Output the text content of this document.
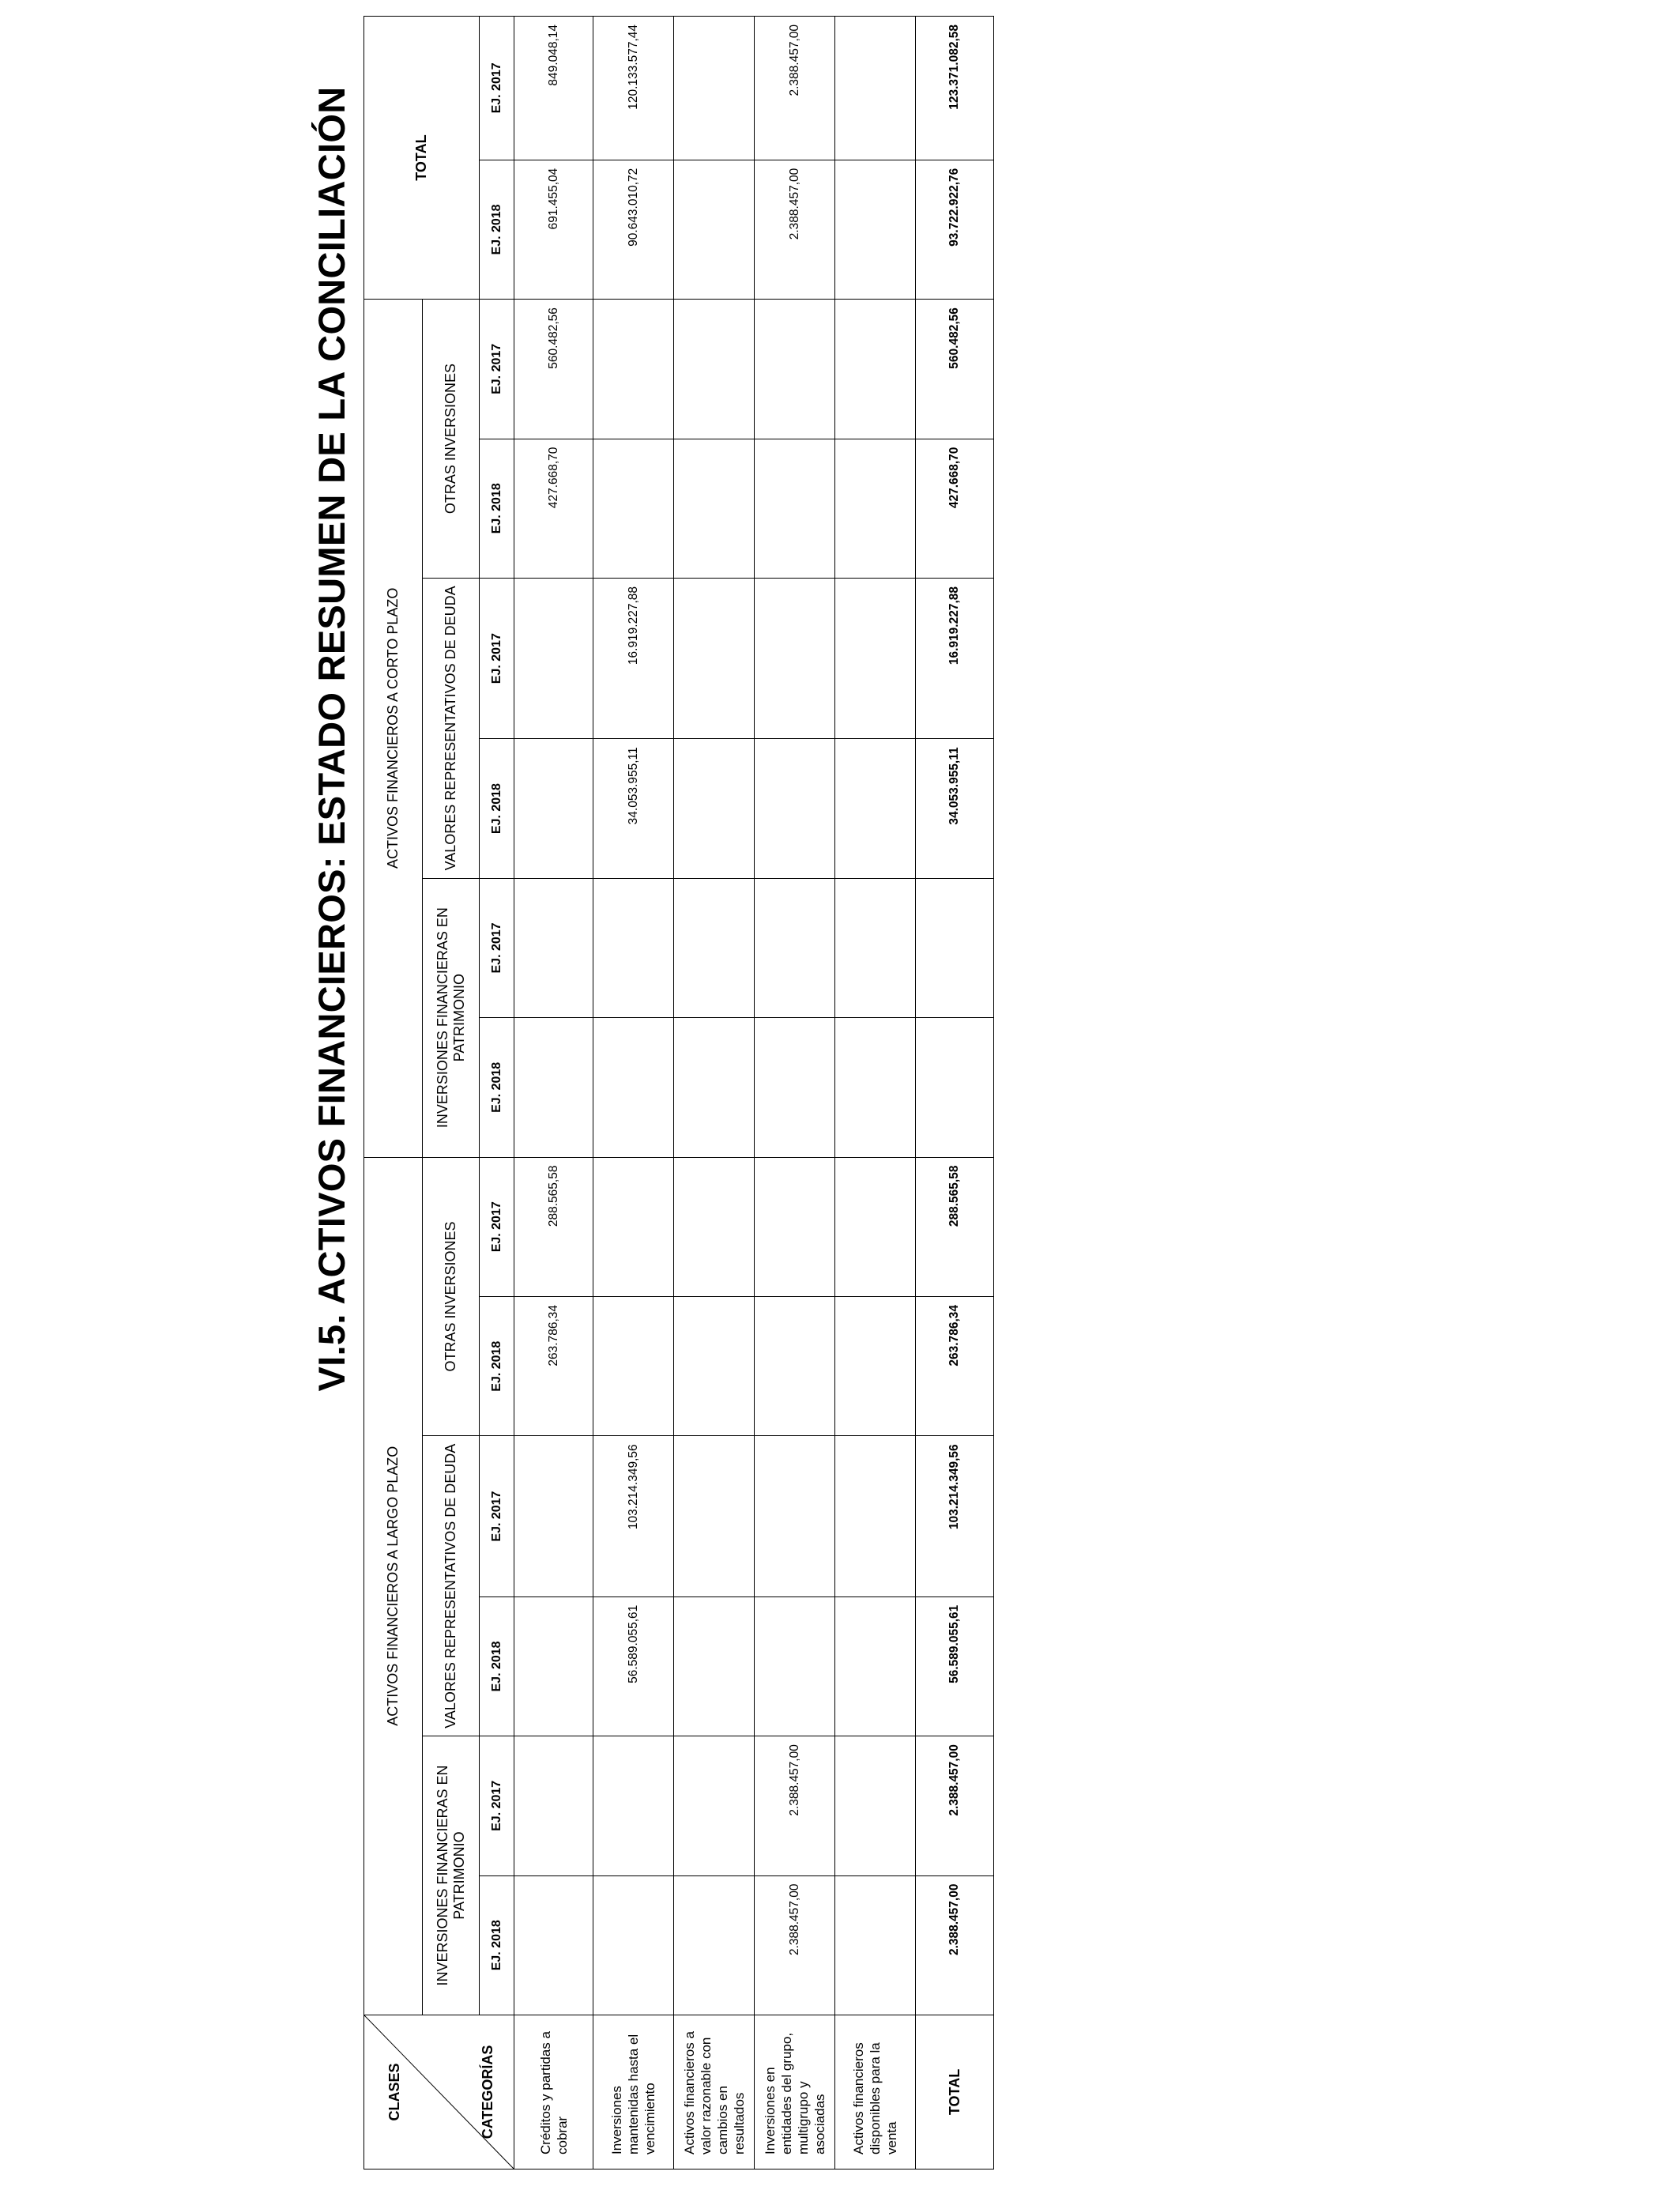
VI.5. ACTIVOS FINANCIEROS: ESTADO RESUMEN DE LA CONCILIACIÓN
CLASES CATEGORÍAS	ACTIVOS FINANCIEROS A LARGO PLAZO						ACTIVOS FINANCIEROS A CORTO PLAZO						TOTAL	
	INVERSIONES FINANCIERAS EN PATRIMONIO		VALORES REPRESENTATIVOS DE DEUDA		OTRAS INVERSIONES		INVERSIONES FINANCIERAS EN PATRIMONIO		VALORES REPRESENTATIVOS DE DEUDA		OTRAS INVERSIONES			
	EJ. 2018	EJ. 2017	EJ. 2018	EJ. 2017	EJ. 2018	EJ. 2017	EJ. 2018	EJ. 2017	EJ. 2018	EJ. 2017	EJ. 2018	EJ. 2017	EJ. 2018	EJ. 2017
Créditos y partidas a cobrar					263.786,34	288.565,58					427.668,70	560.482,56	691.455,04	849.048,14
Inversiones mantenidas hasta el vencimiento			56.589.055,61	103.214.349,56					34.053.955,11	16.919.227,88			90.643.010,72	120.133.577,44
Activos financieros a valor razonable con cambios en resultados														
Inversiones en entidades del grupo, multigrupo y asociadas	2.388.457,00	2.388.457,00											2.388.457,00	2.388.457,00
Activos financieros disponibles para la venta														
TOTAL	2.388.457,00	2.388.457,00	56.589.055,61	103.214.349,56	263.786,34	288.565,58			34.053.955,11	16.919.227,88	427.668,70	560.482,56	93.722.922,76	123.371.082,58
